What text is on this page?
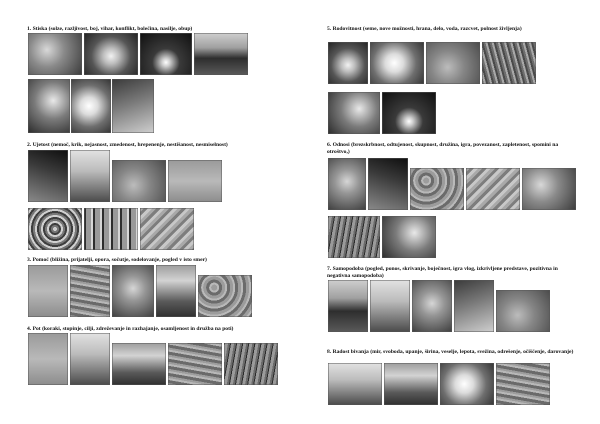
1. Stiska (solze, razljivost, boj, vihar, konflikt, bolečina, nasilje, obup)
2. Ujetost (nemoč, krik, nejasnost, zmedenost, hrepenenje, nestišanost, nesmiselnost)
3. Pomoč (bližina, prijatelji, opora, sočutje, sodelovanje, pogled v isto smer)
4. Pot (koraki, stopinje, cilji, zdreževanje in razhajanje, osamljenost in družba na poti)
5. Rodovitnost (seme, nove možnosti, hrana, delo, voda, razcvet, polnost življenja)
6. Odnosi (brezskrbnost, odtujenost, skupnost, družina, igra, povezanost, zapletenost, spomini na otroštvo,)
7. Samopodoba (pogled, ponos, skrivanje, boječnost, igra vlog, izkrivljene predstave, pozitivna in negativna samopodoba)
8. Radost bivanja (mir, svoboda, upanje, širina, veselje, lepota, svežina, odrešenje, očiščenje, darovanje)
